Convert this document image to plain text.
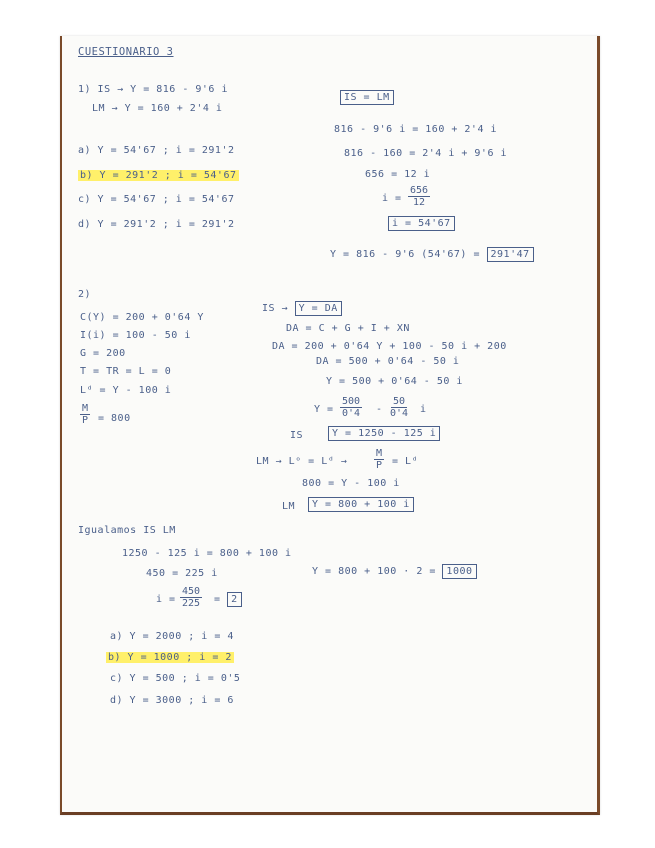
CUESTIONARIO 3
1) IS → Y = 816 - 9'6 i
LM → Y = 160 + 2'4 i
a) Y = 54'67 ; i = 291'2
b) Y = 291'2 ; i = 54'67
c) Y = 54'67 ; i = 54'67
d) Y = 291'2 ; i = 291'2
IS = LM
816 - 9'6 i = 160 + 2'4 i
816 - 160 = 2'4 i + 9'6 i
656 = 12 i
$i = \frac{656}{12}$
i = 54'67
Y = 816 - 9'6 (54'67) = 291'47
2)
C(Y) = 200 + 0'64 Y
I(i) = 100 - 50 i
G = 200
T = TR = L = 0
Lᵈ = Y - 100 i
$\frac{M}{P} = 800$
IS → Y = DA
DA = C + G + I + XN
DA = 200 + 0'64 Y + 100 - 50 i + 200
DA = 500 + 0'64 - 50 i
Y = 500 + 0'64 - 50 i
$Y = \frac{500}{0'4} - \frac{50}{0'4}$ i
IS	Y = 1250 - 125 i
LM → Lᵒ = Lᵈ →	$\frac{M}{P}$ = Lᵈ
800 = Y - 100 i
LM	Y = 800 + 100 i
Igualamos IS LM
1250 - 125 i = 800 + 100 i
450 = 225 i
$i = \frac{450}{225} = 2$
Y = 800 + 100 · 2 = 1000
a) Y = 2000 ; i = 4
b) Y = 1000 ; i = 2
c) Y = 500 ; i = 0'5
d) Y = 3000 ; i = 6
